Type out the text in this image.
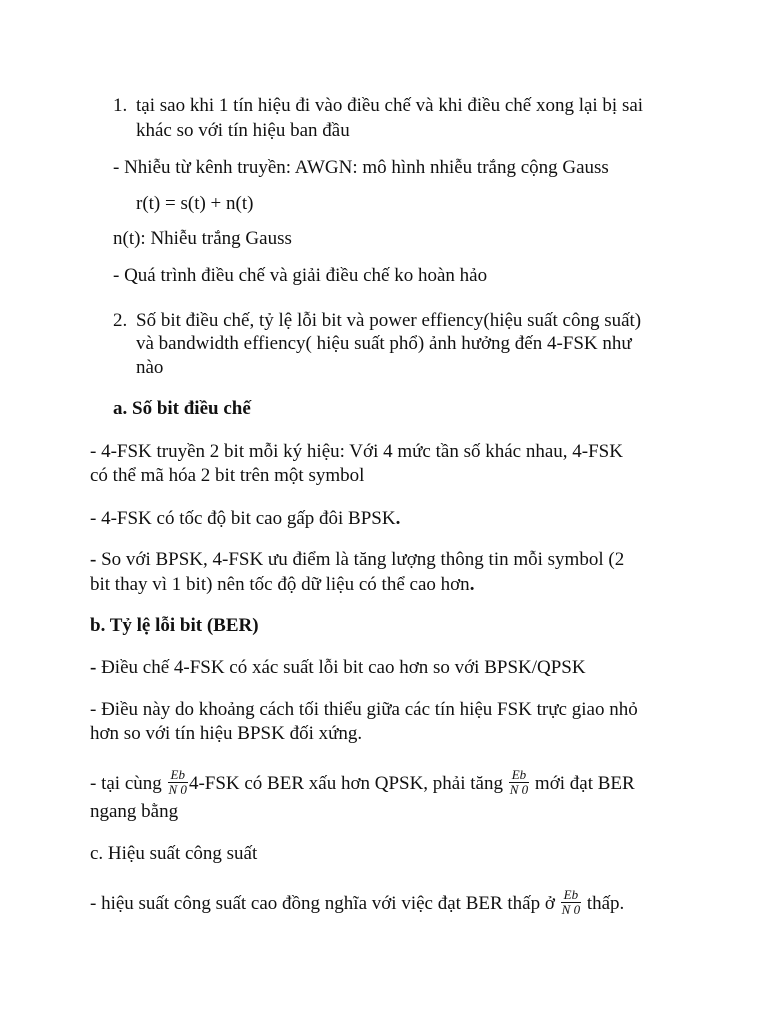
1. tại sao khi 1 tín hiệu đi vào điều chế và khi điều chế xong lại bị sai
khác so với tín hiệu ban đầu
- Nhiễu từ kênh truyền: AWGN: mô hình nhiễu trắng cộng Gauss
r(t) = s(t) + n(t)
n(t): Nhiễu trắng Gauss
- Quá trình điều chế và giải điều chế ko hoàn hảo
2. Số bit điều chế, tỷ lệ lỗi bit và power effiency(hiệu suất công suất)
và bandwidth effiency( hiệu suất phổ) ảnh hưởng đến 4-FSK như
nào
a. Số bit điều chế
- 4-FSK truyền 2 bit mỗi ký hiệu: Với 4 mức tần số khác nhau, 4-FSK
có thể mã hóa 2 bit trên một symbol
- 4-FSK có tốc độ bit cao gấp đôi BPSK.
- So với BPSK, 4-FSK ưu điểm là tăng lượng thông tin mỗi symbol (2
bit thay vì 1 bit) nên tốc độ dữ liệu có thể cao hơn.
b. Tỷ lệ lỗi bit (BER)
- Điều chế 4-FSK có xác suất lỗi bit cao hơn so với BPSK/QPSK
- Điều này do khoảng cách tối thiểu giữa các tín hiệu FSK trực giao nhỏ
hơn so với tín hiệu BPSK đối xứng.
- tại cùng $\frac{Eb}{N 0} 4-FSK$ có BER xấu hơn QPSK, phải tăng $\frac{Eb}{N 0}$ mới đạt BER
ngang bằng
c. Hiệu suất công suất
- hiệu suất công suất cao đồng nghĩa với việc đạt BER thấp ở $\frac{Eb}{N 0}$ thấp.
